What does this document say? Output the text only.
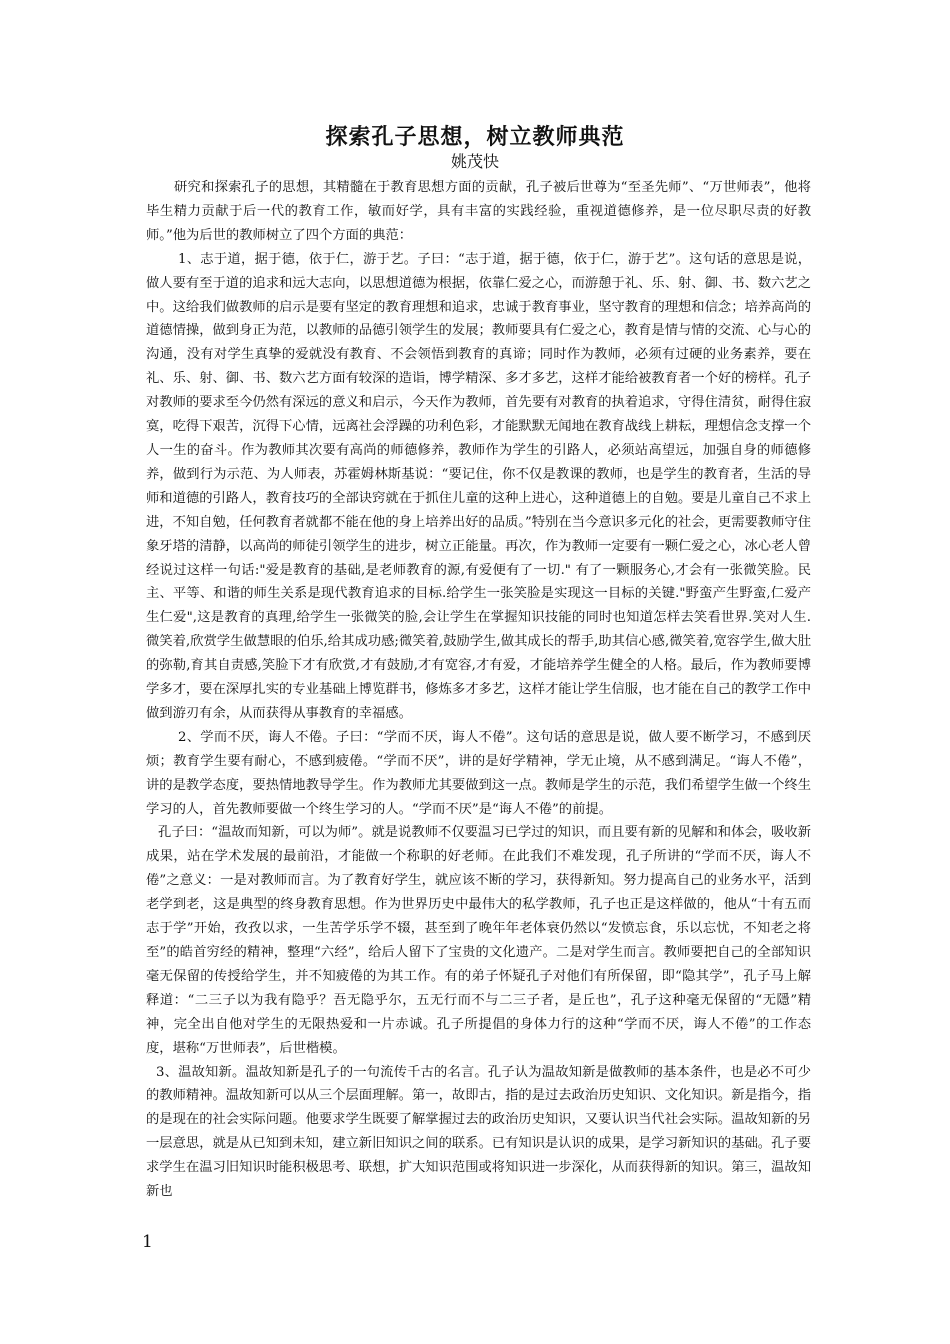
探索孔子思想，树立教师典范
姚茂快

研究和探索孔子的思想，其精髓在于教育思想方面的贡献，孔子被后世尊为“至圣先师”、“万世师表”，他将毕生精力贡献于后一代的教育工作，敏而好学，具有丰富的实践经验，重视道德修养，是一位尽职尽责的好教师。”他为后世的教师树立了四个方面的典范：

1、志于道，据于德，依于仁，游于艺。子曰：“志于道，据于德，依于仁，游于艺”。这句话的意思是说，做人要有至于道的追求和远大志向，以思想道德为根据，依靠仁爱之心，而游憩于礼、乐、射、御、书、数六艺之中。这给我们做教师的启示是要有坚定的教育理想和追求，忠诚于教育事业，坚守教育的理想和信念；培养高尚的道德情操，做到身正为范，以教师的品德引领学生的发展；教师要具有仁爱之心，教育是情与情的交流、心与心的沟通，没有对学生真挚的爱就没有教育、不会领悟到教育的真谛；同时作为教师，必须有过硬的业务素养，要在礼、乐、射、御、书、数六艺方面有较深的造诣，博学精深、多才多艺，这样才能给被教育者一个好的榜样。孔子对教师的要求至今仍然有深远的意义和启示，今天作为教师，首先要有对教育的执着追求，守得住清贫，耐得住寂寞，吃得下艰苦，沉得下心情，远离社会浮躁的功利色彩，才能默默无闻地在教育战线上耕耘，理想信念支撑一个人一生的奋斗。作为教师其次要有高尚的师德修养，教师作为学生的引路人，必须站高望远，加强自身的师德修养，做到行为示范、为人师表，苏霍姆林斯基说：“要记住，你不仅是教课的教师，也是学生的教育者，生活的导师和道德的引路人，教育技巧的全部诀窍就在于抓住儿童的这种上进心，这种道德上的自勉。要是儿童自己不求上进，不知自勉，任何教育者就都不能在他的身上培养出好的品质。”特别在当今意识多元化的社会，更需要教师守住象牙塔的清静，以高尚的师徒引领学生的进步，树立正能量。再次，作为教师一定要有一颗仁爱之心，冰心老人曾经说过这样一句话:"爱是教育的基础,是老师教育的源,有爱便有了一切." 有了一颗服务心,才会有一张微笑脸。民主、平等、和谐的师生关系是现代教育追求的目标.给学生一张笑脸是实现这一目标的关键."野蛮产生野蛮,仁爱产生仁爱",这是教育的真理,给学生一张微笑的脸,会让学生在掌握知识技能的同时也知道怎样去笑看世界.笑对人生.微笑着,欣赏学生做慧眼的伯乐,给其成功感;微笑着,鼓励学生,做其成长的帮手,助其信心感,微笑着,宽容学生,做大肚的弥勒,育其自责感,笑脸下才有欣赏,才有鼓励,才有宽容,才有爱，才能培养学生健全的人格。最后，作为教师要博学多才，要在深厚扎实的专业基础上博览群书，修炼多才多艺，这样才能让学生信服，也才能在自己的教学工作中做到游刃有余，从而获得从事教育的幸福感。

2、学而不厌，诲人不倦。子曰：“学而不厌，诲人不倦”。这句话的意思是说，做人要不断学习，不感到厌烦；教育学生要有耐心，不感到疲倦。“学而不厌”，讲的是好学精神，学无止境，从不感到满足。“诲人不倦”，讲的是教学态度，要热情地教导学生。作为教师尤其要做到这一点。教师是学生的示范，我们希望学生做一个终生学习的人，首先教师要做一个终生学习的人。“学而不厌”是“诲人不倦”的前提。

孔子曰：“温故而知新，可以为师”。就是说教师不仅要温习已学过的知识，而且要有新的见解和和体会，吸收新成果，站在学术发展的最前沿，才能做一个称职的好老师。在此我们不难发现，孔子所讲的“学而不厌，诲人不倦”之意义：一是对教师而言。为了教育好学生，就应该不断的学习，获得新知。努力提高自己的业务水平，活到老学到老，这是典型的终身教育思想。作为世界历史中最伟大的私学教师，孔子也正是这样做的，他从“十有五而志于学”开始，孜孜以求，一生苦学乐学不辍，甚至到了晚年年老体衰仍然以“发愤忘食，乐以忘忧，不知老之将至”的皓首穷经的精神，整理“六经”，给后人留下了宝贵的文化遗产。二是对学生而言。教师要把自己的全部知识毫无保留的传授给学生，并不知疲倦的为其工作。有的弟子怀疑孔子对他们有所保留，即“隐其学”，孔子马上解释道：“二三子以为我有隐乎？吾无隐乎尔，五无行而不与二三子者，是丘也”，孔子这种毫无保留的“无隱”精神，完全出自他对学生的无限热爱和一片赤诚。孔子所提倡的身体力行的这种“学而不厌，诲人不倦”的工作态度，堪称“万世师表”，后世楷模。

3、温故知新。温故知新是孔子的一句流传千古的名言。孔子认为温故知新是做教师的基本条件，也是必不可少的教师精神。温故知新可以从三个层面理解。第一，故即古，指的是过去政治历史知识、文化知识。新是指今，指的是现在的社会实际问题。他要求学生既要了解掌握过去的政治历史知识，又要认识当代社会实际。温故知新的另一层意思，就是从已知到未知，建立新旧知识之间的联系。已有知识是认识的成果，是学习新知识的基础。孔子要求学生在温习旧知识时能积极思考、联想，扩大知识范围或将知识进一步深化，从而获得新的知识。第三，温故知新也

1
